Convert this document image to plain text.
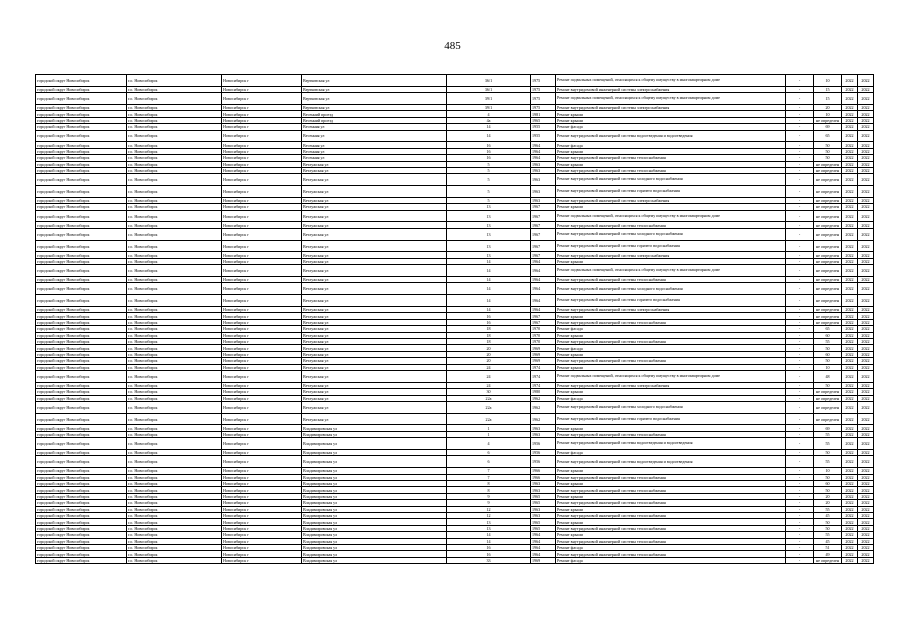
485
городской округ Новосибирск	г.о. Новосибирск	Новосибирск г	Вертковская ул	36/1	1975	Ремонт подвальных помещений, относящихся к общему имуществу в многоквартирном доме	-	10	2022	2022
городской округ Новосибирск	г.о. Новосибирск	Новосибирск г	Вертковская ул	36/1	1975	Ремонт внутридомовой инженерной системы электроснабжения	-	15	2022	2022
городской округ Новосибирск	г.о. Новосибирск	Новосибирск г	Вертковская ул	39/1	1975	Ремонт подвальных помещений, относящихся к общему имуществу в многоквартирном доме	-	15	2022	2022
городской округ Новосибирск	г.о. Новосибирск	Новосибирск г	Вертковская ул	39/1	1975	Ремонт внутридомовой инженерной системы электроснабжения	-	20	2022	2022
городской округ Новосибирск	г.о. Новосибирск	Новосибирск г	Весенний проезд	4	1981	Ремонт крыши	-	10	2022	2022
городской округ Новосибирск	г.о. Новосибирск	Новосибирск г	Весенний проезд	4а	1965	Ремонт крыши	-	не определен	2022	2022
городской округ Новосибирск	г.о. Новосибирск	Новосибирск г	Весенняя ул	14	1955	Ремонт фасада	-	69	2022	2022
городской округ Новосибирск	г.о. Новосибирск	Новосибирск г	Весенняя ул	14	1955	Ремонт внутридомовой инженерной системы водоотведения и водоотведения	-	65	2022	2022
городской округ Новосибирск	г.о. Новосибирск	Новосибирск г	Весенняя ул	16	1964	Ремонт фасада	-	50	2022	2022
городской округ Новосибирск	г.о. Новосибирск	Новосибирск г	Весенняя ул	16	1964	Ремонт крыши	-	50	2022	2022
городской округ Новосибирск	г.о. Новосибирск	Новосибирск г	Весенняя ул	16	1964	Ремонт внутридомовой инженерной системы теплоснабжения	-	50	2022	2022
городской округ Новосибирск	г.о. Новосибирск	Новосибирск г	Ветлужская ул	5	1963	Ремонт крыши	-	не определен	2022	2022
городской округ Новосибирск	г.о. Новосибирск	Новосибирск г	Ветлужская ул	5	1963	Ремонт внутридомовой инженерной системы теплоснабжения	-	не определен	2022	2022
городской округ Новосибирск	г.о. Новосибирск	Новосибирск г	Ветлужская ул	5	1963	Ремонт внутридомовой инженерной системы холодного водоснабжения	-	не определен	2022	2022
городской округ Новосибирск	г.о. Новосибирск	Новосибирск г	Ветлужская ул	5	1963	Ремонт внутридомовой инженерной системы горячего водоснабжения	-	не определен	2022	2022
городской округ Новосибирск	г.о. Новосибирск	Новосибирск г	Ветлужская ул	5	1963	Ремонт внутридомовой инженерной системы электроснабжения	-	не определен	2022	2022
городской округ Новосибирск	г.о. Новосибирск	Новосибирск г	Ветлужская ул	13	1967	Ремонт крыши	-	не определен	2022	2022
городской округ Новосибирск	г.о. Новосибирск	Новосибирск г	Ветлужская ул	13	1967	Ремонт подвальных помещений, относящихся к общему имуществу в многоквартирном доме	-	не определен	2022	2022
городской округ Новосибирск	г.о. Новосибирск	Новосибирск г	Ветлужская ул	13	1967	Ремонт внутридомовой инженерной системы теплоснабжения	-	не определен	2022	2022
городской округ Новосибирск	г.о. Новосибирск	Новосибирск г	Ветлужская ул	13	1967	Ремонт внутридомовой инженерной системы холодного водоснабжения	-	не определен	2022	2022
городской округ Новосибирск	г.о. Новосибирск	Новосибирск г	Ветлужская ул	13	1967	Ремонт внутридомовой инженерной системы горячего водоснабжения	-	не определен	2022	2022
городской округ Новосибирск	г.о. Новосибирск	Новосибирск г	Ветлужская ул	13	1967	Ремонт внутридомовой инженерной системы электроснабжения	-	не определен	2022	2022
городской округ Новосибирск	г.о. Новосибирск	Новосибирск г	Ветлужская ул	14	1964	Ремонт крыши	-	не определен	2022	2022
городской округ Новосибирск	г.о. Новосибирск	Новосибирск г	Ветлужская ул	14	1964	Ремонт подвальных помещений, относящихся к общему имуществу в многоквартирном доме	-	не определен	2022	2022
городской округ Новосибирск	г.о. Новосибирск	Новосибирск г	Ветлужская ул	14	1964	Ремонт внутридомовой инженерной системы теплоснабжения	-	не определен	2022	2022
городской округ Новосибирск	г.о. Новосибирск	Новосибирск г	Ветлужская ул	14	1964	Ремонт внутридомовой инженерной системы холодного водоснабжения	-	не определен	2022	2022
городской округ Новосибирск	г.о. Новосибирск	Новосибирск г	Ветлужская ул	14	1964	Ремонт внутридомовой инженерной системы горячего водоснабжения	-	не определен	2022	2022
городской округ Новосибирск	г.о. Новосибирск	Новосибирск г	Ветлужская ул	14	1964	Ремонт внутридомовой инженерной системы электроснабжения	-	не определен	2022	2022
городской округ Новосибирск	г.о. Новосибирск	Новосибирск г	Ветлужская ул	16	1967	Ремонт крыши	-	не определен	2022	2022
городской округ Новосибирск	г.о. Новосибирск	Новосибирск г	Ветлужская ул	16	1967	Ремонт внутридомовой инженерной системы теплоснабжения	-	не определен	2022	2022
городской округ Новосибирск	г.о. Новосибирск	Новосибирск г	Ветлужская ул	18	1970	Ремонт фасада	-	65	2022	2022
городской округ Новосибирск	г.о. Новосибирск	Новосибирск г	Ветлужская ул	18	1970	Ремонт крыши	-	60	2022	2022
городской округ Новосибирск	г.о. Новосибирск	Новосибирск г	Ветлужская ул	18	1970	Ремонт внутридомовой инженерной системы теплоснабжения	-	55	2022	2022
городской округ Новосибирск	г.о. Новосибирск	Новосибирск г	Ветлужская ул	20	1969	Ремонт фасада	-	50	2022	2022
городской округ Новосибирск	г.о. Новосибирск	Новосибирск г	Ветлужская ул	20	1969	Ремонт крыши	-	60	2022	2022
городской округ Новосибирск	г.о. Новосибирск	Новосибирск г	Ветлужская ул	20	1969	Ремонт внутридомовой инженерной системы теплоснабжения	-	50	2022	2022
городской округ Новосибирск	г.о. Новосибирск	Новосибирск г	Ветлужская ул	24	1974	Ремонт крыши	-	10	2022	2022
городской округ Новосибирск	г.о. Новосибирск	Новосибирск г	Ветлужская ул	24	1974	Ремонт подвальных помещений, относящихся к общему имуществу в многоквартирном доме	-	48	2022	2022
городской округ Новосибирск	г.о. Новосибирск	Новосибирск г	Ветлужская ул	24	1974	Ремонт внутридомовой инженерной системы электроснабжения	-	50	2022	2022
городской округ Новосибирск	г.о. Новосибирск	Новосибирск г	Ветлужская ул	30	1980	Ремонт крыши	-	не определен	2022	2022
городской округ Новосибирск	г.о. Новосибирск	Новосибирск г	Ветлужская ул	22а	1962	Ремонт фасада	-	не определен	2022	2022
городской округ Новосибирск	г.о. Новосибирск	Новосибирск г	Ветлужская ул	22а	1962	Ремонт внутридомовой инженерной системы холодного водоснабжения	-	не определен	2022	2022
городской округ Новосибирск	г.о. Новосибирск	Новосибирск г	Ветлужская ул	22а	1962	Ремонт внутридомовой инженерной системы горячего водоснабжения	-	не определен	2022	2022
городской округ Новосибирск	г.о. Новосибирск	Новосибирск г	Владимировская ул	1	1963	Ремонт крыши	-	69	2022	2022
городской округ Новосибирск	г.о. Новосибирск	Новосибирск г	Владимировская ул	1	1963	Ремонт внутридомовой инженерной системы теплоснабжения	-	55	2022	2022
городской округ Новосибирск	г.о. Новосибирск	Новосибирск г	Владимировская ул	4	1956	Ремонт внутридомовой инженерной системы водоотведения и водоотведения	-	55	2022	2022
городской округ Новосибирск	г.о. Новосибирск	Новосибирск г	Владимировская ул	6	1956	Ремонт фасада	-	50	2022	2022
городской округ Новосибирск	г.о. Новосибирск	Новосибирск г	Владимировская ул	6	1956	Ремонт внутридомовой инженерной системы водоотведения и водоотведения	-	55	2022	2022
городской округ Новосибирск	г.о. Новосибирск	Новосибирск г	Владимировская ул	7	1966	Ремонт крыши	-	10	2022	2022
городской округ Новосибирск	г.о. Новосибирск	Новосибирск г	Владимировская ул	7	1966	Ремонт внутридомовой инженерной системы теплоснабжения	-	50	2022	2022
городской округ Новосибирск	г.о. Новосибирск	Новосибирск г	Владимировская ул	8	1963	Ремонт крыши	-	60	2022	2022
городской округ Новосибирск	г.о. Новосибирск	Новосибирск г	Владимировская ул	8	1963	Ремонт внутридомовой инженерной системы теплоснабжения	-	50	2022	2022
городской округ Новосибирск	г.о. Новосибирск	Новосибирск г	Владимировская ул	9	1965	Ремонт крыши	-	20	2022	2022
городской округ Новосибирск	г.о. Новосибирск	Новосибирск г	Владимировская ул	9	1965	Ремонт внутридомовой инженерной системы теплоснабжения	-	20	2022	2022
городской округ Новосибирск	г.о. Новосибирск	Новосибирск г	Владимировская ул	12	1963	Ремонт крыши	-	55	2022	2022
городской округ Новосибирск	г.о. Новосибирск	Новосибирск г	Владимировская ул	12	1963	Ремонт внутридомовой инженерной системы теплоснабжения	-	45	2022	2022
городской округ Новосибирск	г.о. Новосибирск	Новосибирск г	Владимировская ул	13	1965	Ремонт крыши	-	50	2022	2022
городской округ Новосибирск	г.о. Новосибирск	Новосибирск г	Владимировская ул	13	1965	Ремонт внутридомовой инженерной системы теплоснабжения	-	50	2022	2022
городской округ Новосибирск	г.о. Новосибирск	Новосибирск г	Владимировская ул	14	1964	Ремонт крыши	-	55	2022	2022
городской округ Новосибирск	г.о. Новосибирск	Новосибирск г	Владимировская ул	14	1964	Ремонт внутридомовой инженерной системы теплоснабжения	-	45	2022	2022
городской округ Новосибирск	г.о. Новосибирск	Новосибирск г	Владимировская ул	16	1964	Ремонт фасада	-	51	2022	2022
городской округ Новосибирск	г.о. Новосибирск	Новосибирск г	Владимировская ул	16	1964	Ремонт внутридомовой инженерной системы теплоснабжения	-	49	2022	2022
городской округ Новосибирск	г.о. Новосибирск	Новосибирск г	Владимировская ул	33	1969	Ремонт фасада	-	не определен	2022	2022
